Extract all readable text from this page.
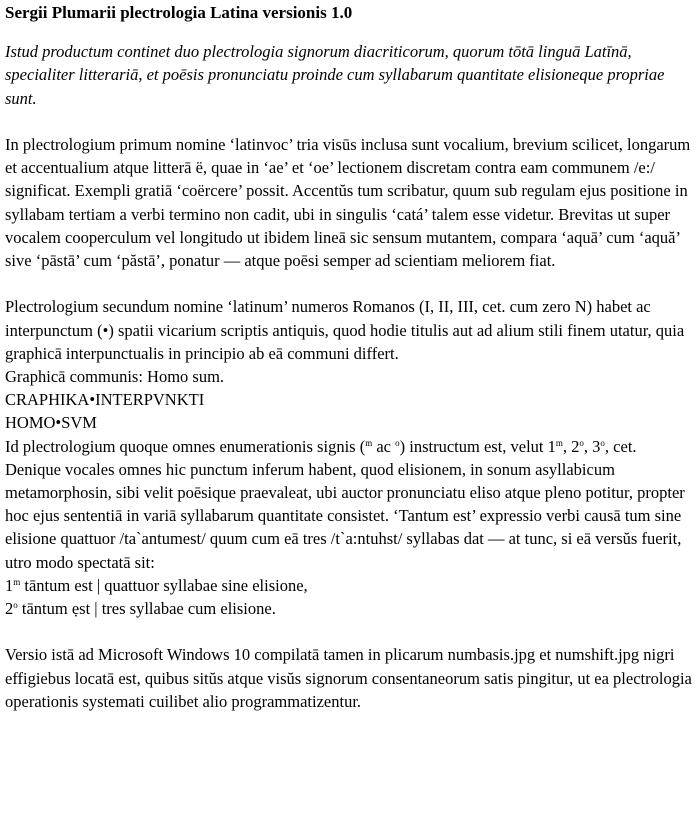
Sergii Plumarii plectrologia Latina versionis 1.0

Istud productum continet duo plectrologia signorum diacriticorum, quorum tōtā linguā Latīnā, specialiter litterariā, et poēsis pronunciatu proinde cum syllabarum quantitate elisioneque propriae sunt.

In plectrologium primum nomine ‘latinvoc’ tria visūs inclusa sunt vocalium, brevium scilicet, longarum et accentualium atque litterā ë, quae in ‘ae’ et ‘oe’ lectionem discretam contra eam communem /e:/ significat. Exempli gratiā ‘coërcere’ possit. Accentŭs tum scribatur, quum sub regulam ejus positione in syllabam tertiam a verbi termino non cadit, ubi in singulis ‘catá’ talem esse videtur. Brevitas ut super vocalem cooperculum vel longitudo ut ibidem lineā sic sensum mutantem, compara ‘aquā’ cum ‘aquă’ sive ‘pāstā’ cum ‘păstā’, ponatur — atque poēsi semper ad scientiam meliorem fiat.

Plectrologium secundum nomine ‘latinum’ numeros Romanos (I, II, III, cet. cum zero N) habet ac interpunctum (•) spatii vicarium scriptis antiquis, quod hodie titulis aut ad alium stili finem utatur, quia graphicā interpunctualis in principio ab eā communi differt.

Graphicā communis: Homo sum.
CRAPHIKA•INTERPVNKTI
HOMO•SVM

Id plectrologium quoque omnes enumerationis signis ($^m$ ac $^o$) instructum est, velut 1$^m$, 2$^o$, 3$^o$, cet. Denique vocales omnes hic punctum inferum habent, quod elisionem, in sonum asyllabicum metamorphosin, sibi velit poēsique praevaleat, ubi auctor pronunciatu eliso atque pleno potitur, propter hoc ejus sententiā in variā syllabarum quantitate consistet. ‘Tantum est’ expressio verbi causā tum sine elisione quattuor /ta`antumest/ quum cum eā tres /t`a:ntuhst/ syllabas dat — at tunc, si eā versŭs fuerit, utro modo spectatā sit:

1$^m$ tāntum est | quattuor syllabae sine elisione,
2$^o$ tāntum ẹst | tres syllabae cum elisione.

Versio istā ad Microsoft Windows 10 compilatā tamen in plicarum numbasis.jpg et numshift.jpg nigri effigiebus locatā est, quibus sitŭs atque visŭs signorum consentaneorum satis pingitur, ut ea plectrologia operationis systemati cuilibet alio programmatizentur.
